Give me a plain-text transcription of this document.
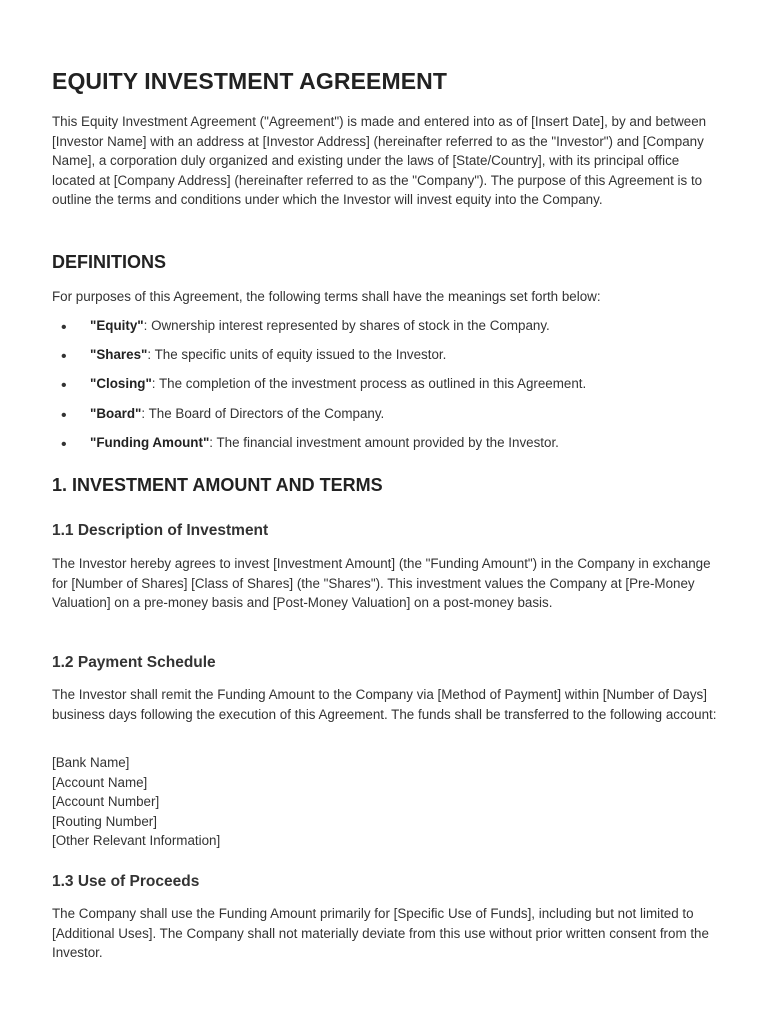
EQUITY INVESTMENT AGREEMENT

This Equity Investment Agreement ("Agreement") is made and entered into as of [Insert Date], by and between [Investor Name] with an address at [Investor Address] (hereinafter referred to as the "Investor") and [Company Name], a corporation duly organized and existing under the laws of [State/Country], with its principal office located at [Company Address] (hereinafter referred to as the "Company"). The purpose of this Agreement is to outline the terms and conditions under which the Investor will invest equity into the Company.

DEFINITIONS

For purposes of this Agreement, the following terms shall have the meanings set forth below:

• "Equity": Ownership interest represented by shares of stock in the Company.
• "Shares": The specific units of equity issued to the Investor.
• "Closing": The completion of the investment process as outlined in this Agreement.
• "Board": The Board of Directors of the Company.
• "Funding Amount": The financial investment amount provided by the Investor.
1. INVESTMENT AMOUNT AND TERMS
1.1 Description of Investment

The Investor hereby agrees to invest [Investment Amount] (the "Funding Amount") in the Company in exchange for [Number of Shares] [Class of Shares] (the "Shares"). This investment values the Company at [Pre-Money Valuation] on a pre-money basis and [Post-Money Valuation] on a post-money basis.

1.2 Payment Schedule

The Investor shall remit the Funding Amount to the Company via [Method of Payment] within [Number of Days] business days following the execution of this Agreement. The funds shall be transferred to the following account:

[Bank Name]
[Account Name]
[Account Number]
[Routing Number]
[Other Relevant Information]
1.3 Use of Proceeds

The Company shall use the Funding Amount primarily for [Specific Use of Funds], including but not limited to [Additional Uses]. The Company shall not materially deviate from this use without prior written consent from the Investor.
